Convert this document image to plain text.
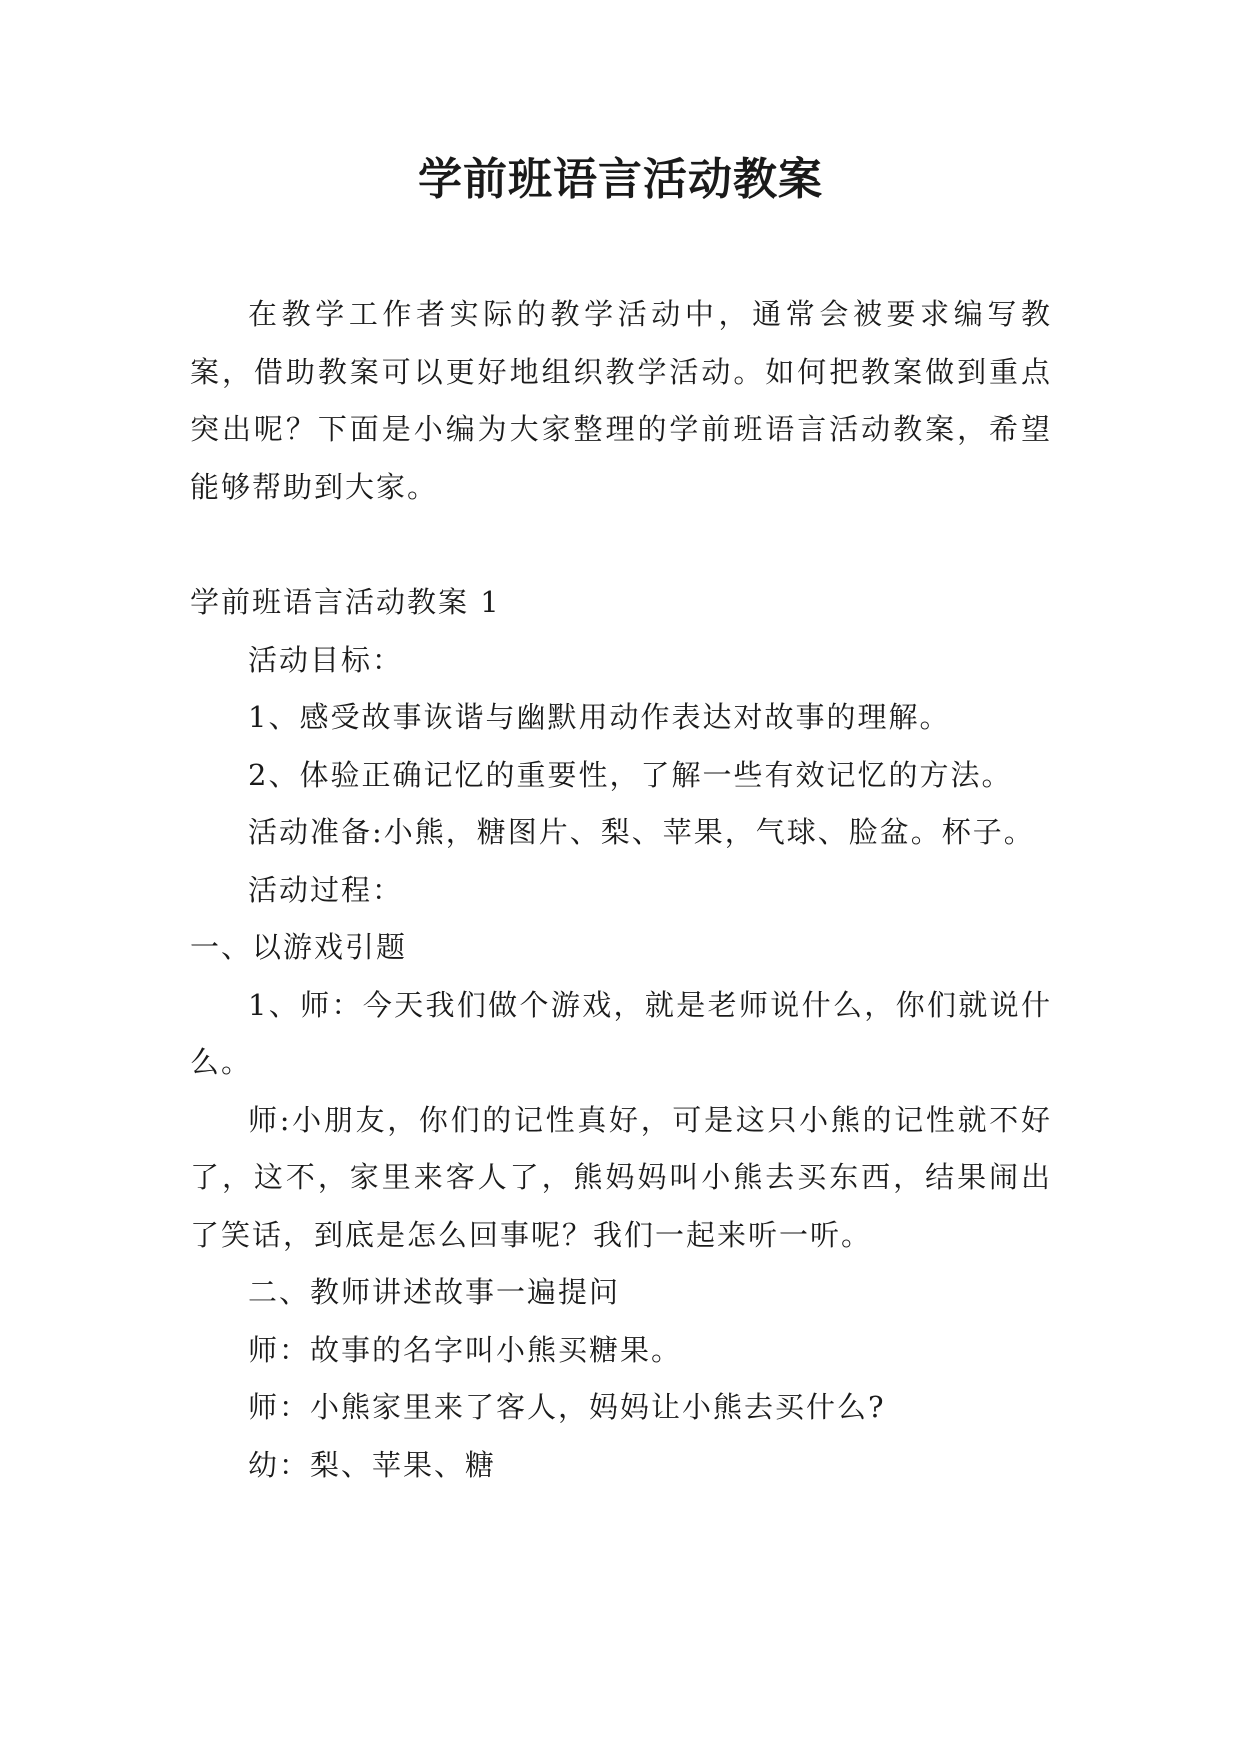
学前班语言活动教案

在教学工作者实际的教学活动中，通常会被要求编写教案，借助教案可以更好地组织教学活动。如何把教案做到重点突出呢？下面是小编为大家整理的学前班语言活动教案，希望能够帮助到大家。

学前班语言活动教案 1

活动目标：

1、感受故事诙谐与幽默用动作表达对故事的理解。

2、体验正确记忆的重要性，了解一些有效记忆的方法。

活动准备:小熊，糖图片、梨、苹果，气球、脸盆。杯子。

活动过程：

一、以游戏引题

1、师：今天我们做个游戏，就是老师说什么，你们就说什么。

师:小朋友，你们的记性真好，可是这只小熊的记性就不好了，这不，家里来客人了，熊妈妈叫小熊去买东西，结果闹出了笑话，到底是怎么回事呢？我们一起来听一听。

二、教师讲述故事一遍提问

师：故事的名字叫小熊买糖果。

师：小熊家里来了客人，妈妈让小熊去买什么?

幼：梨、苹果、糖
